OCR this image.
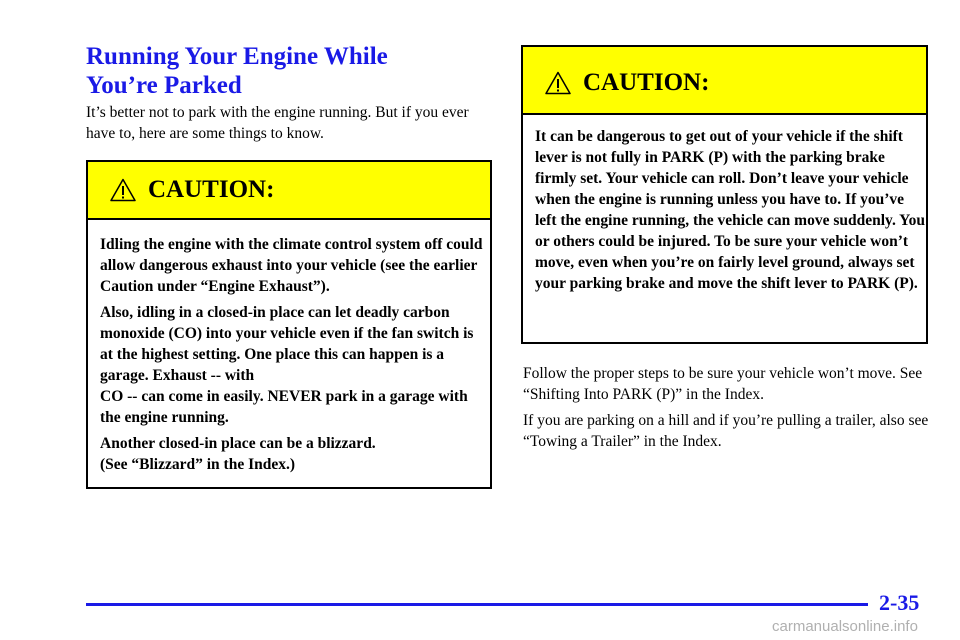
Running Your Engine While
You’re Parked

It’s better not to park with the engine running. But if you ever have to, here are some things to know.

CAUTION:

Idling the engine with the climate control system off could allow dangerous exhaust into your vehicle (see the earlier Caution under “Engine Exhaust”).

Also, idling in a closed-in place can let deadly carbon monoxide (CO) into your vehicle even if the fan switch is at the highest setting. One place this can happen is a garage. Exhaust -- with
CO -- can come in easily. NEVER park in a garage with the engine running.

Another closed-in place can be a blizzard.
(See “Blizzard” in the Index.)

CAUTION:

It can be dangerous to get out of your vehicle if the shift lever is not fully in PARK (P) with the parking brake firmly set. Your vehicle can roll. Don’t leave your vehicle when the engine is running unless you have to. If you’ve left the engine running, the vehicle can move suddenly. You or others could be injured. To be sure your vehicle won’t move, even when you’re on fairly level ground, always set your parking brake and move the shift lever to PARK (P).

Follow the proper steps to be sure your vehicle won’t move. See “Shifting Into PARK (P)” in the Index.

If you are parking on a hill and if you’re pulling a trailer, also see “Towing a Trailer” in the Index.

2-35
carmanualsonline.info
